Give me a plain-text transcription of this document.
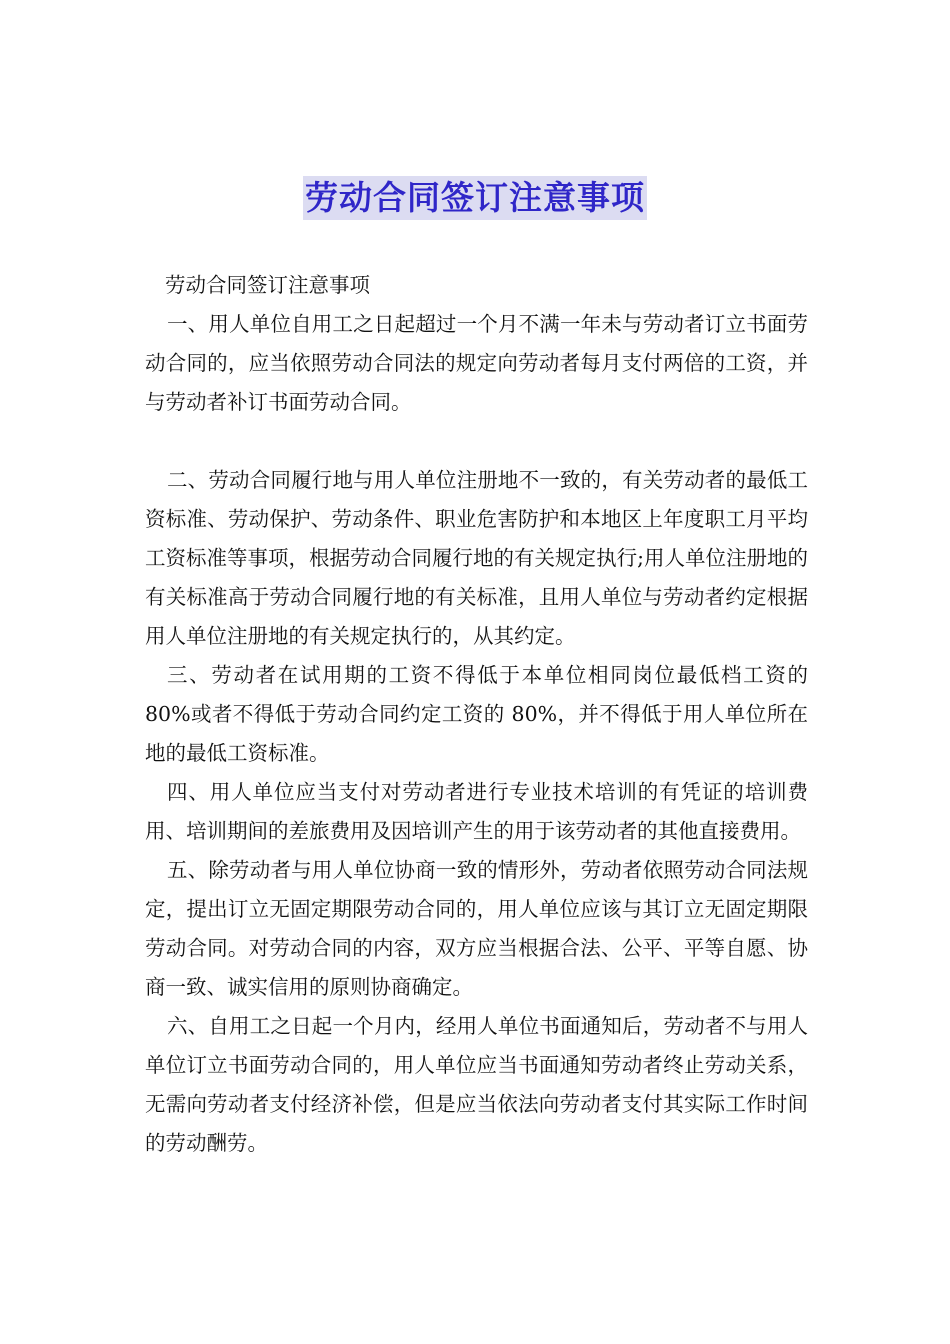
劳动合同签订注意事项

劳动合同签订注意事项

一、用人单位自用工之日起超过一个月不满一年未与劳动者订立书面劳动合同的，应当依照劳动合同法的规定向劳动者每月支付两倍的工资，并与劳动者补订书面劳动合同。

二、劳动合同履行地与用人单位注册地不一致的，有关劳动者的最低工资标准、劳动保护、劳动条件、职业危害防护和本地区上年度职工月平均工资标准等事项，根据劳动合同履行地的有关规定执行;用人单位注册地的有关标准高于劳动合同履行地的有关标准，且用人单位与劳动者约定根据用人单位注册地的有关规定执行的，从其约定。

三、劳动者在试用期的工资不得低于本单位相同岗位最低档工资的 80%或者不得低于劳动合同约定工资的 80%，并不得低于用人单位所在地的最低工资标准。

四、用人单位应当支付对劳动者进行专业技术培训的有凭证的培训费用、培训期间的差旅费用及因培训产生的用于该劳动者的其他直接费用。

五、除劳动者与用人单位协商一致的情形外，劳动者依照劳动合同法规定，提出订立无固定期限劳动合同的，用人单位应该与其订立无固定期限劳动合同。对劳动合同的内容，双方应当根据合法、公平、平等自愿、协商一致、诚实信用的原则协商确定。

六、自用工之日起一个月内，经用人单位书面通知后，劳动者不与用人单位订立书面劳动合同的，用人单位应当书面通知劳动者终止劳动关系，无需向劳动者支付经济补偿，但是应当依法向劳动者支付其实际工作时间的劳动酬劳。
